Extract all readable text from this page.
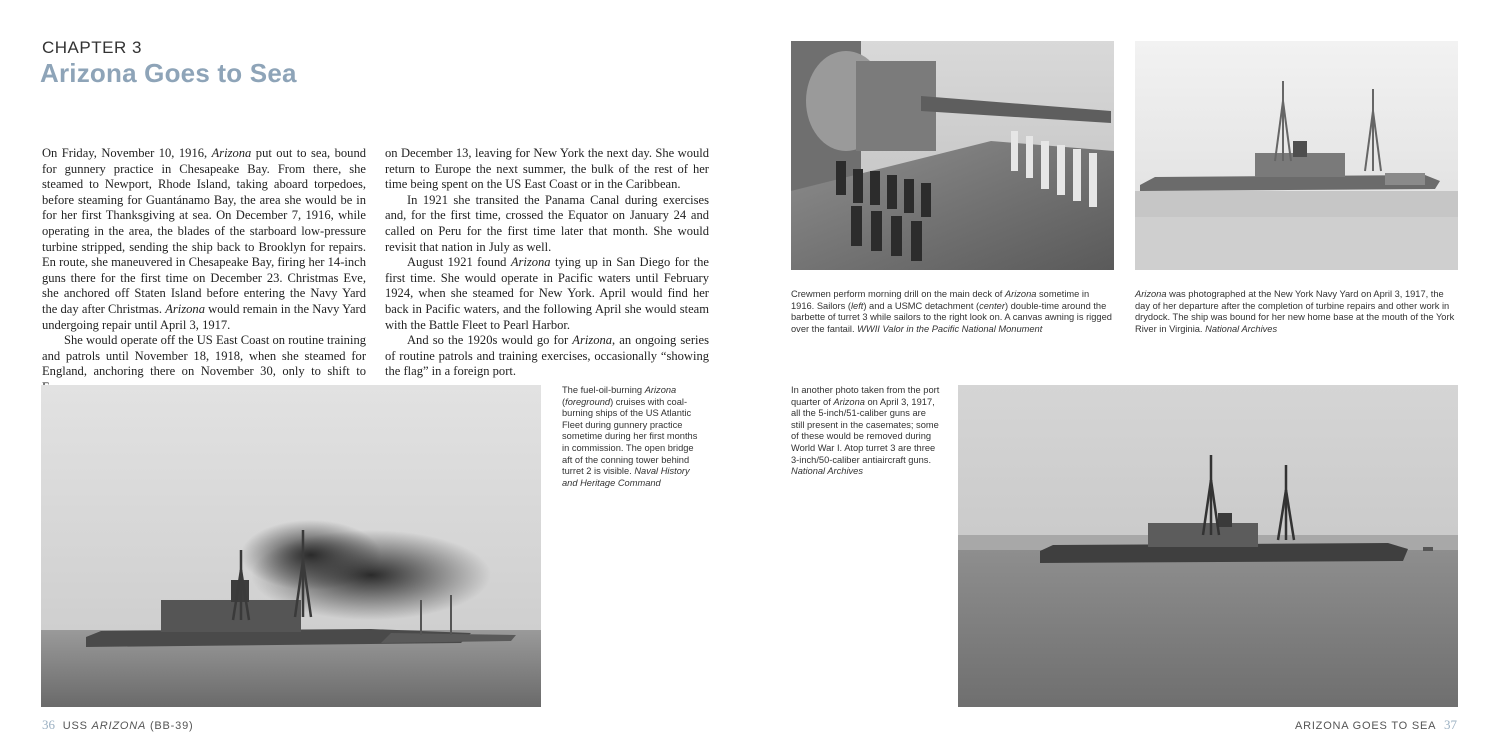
CHAPTER 3
Arizona Goes to Sea

On Friday, November 10, 1916, Arizona put out to sea, bound for gunnery practice in Chesapeake Bay. From there, she steamed to Newport, Rhode Island, taking aboard torpedoes, before steaming for Guantánamo Bay, the area she would be in for her first Thanksgiving at sea. On December 7, 1916, while operating in the area, the blades of the starboard low-pressure turbine stripped, sending the ship back to Brooklyn for repairs. En route, she maneuvered in Chesapeake Bay, firing her 14-inch guns there for the first time on December 23. Christmas Eve, she anchored off Staten Island before entering the Navy Yard the day after Christmas. Arizona would remain in the Navy Yard undergoing repair until April 3, 1917.

She would operate off the US East Coast on routine training and patrols until November 18, 1918, when she steamed for England, anchoring there on November 30, only to shift to

on December 13, leaving for New York the next day. She would return to Europe the next summer, the bulk of the rest of her time being spent on the US East Coast or in the Caribbean.

In 1921 she transited the Panama Canal during exercises and, for the first time, crossed the Equator on January 24 and called on Peru for the first time later that month. She would revisit that nation in July as well.

August 1921 found Arizona tying up in San Diego for the first time. She would operate in Pacific waters until February 1924, when she steamed for New York. April would find her back in Pacific waters, and the following April she would steam with the Battle Fleet to Pearl Harbor.

And so the 1920s would go for Arizona, an ongoing series of routine patrols and training exercises, occasionally “showing the flag” in a foreign port.

Crewmen perform morning drill on the main deck of Arizona sometime in 1916. Sailors (left) and a USMC detachment (center) double-time around the barbette of turret 3 while sailors to the right look on. A canvas awning is rigged over the fantail. WWII Valor in the Pacific National Monument
Arizona was photographed at the New York Navy Yard on April 3, 1917, the day of her departure after the completion of turbine repairs and other work in drydock. The ship was bound for her new home base at the mouth of the York River in Virginia. National Archives
The fuel-oil-burning Arizona (foreground) cruises with coal-burning ships of the US Atlantic Fleet during gunnery practice sometime during her first months in commission. The open bridge aft of the conning tower behind turret 2 is visible. Naval History and Heritage Command
In another photo taken from the port quarter of Arizona on April 3, 1917, all the 5-inch/51-caliber guns are still present in the casemates; some of these would be removed during World War I. Atop turret 3 are three 3-inch/50-caliber antiaircraft guns. National Archives
36 USS ARIZONA (BB-39)	ARIZONA GOES TO SEA 37
